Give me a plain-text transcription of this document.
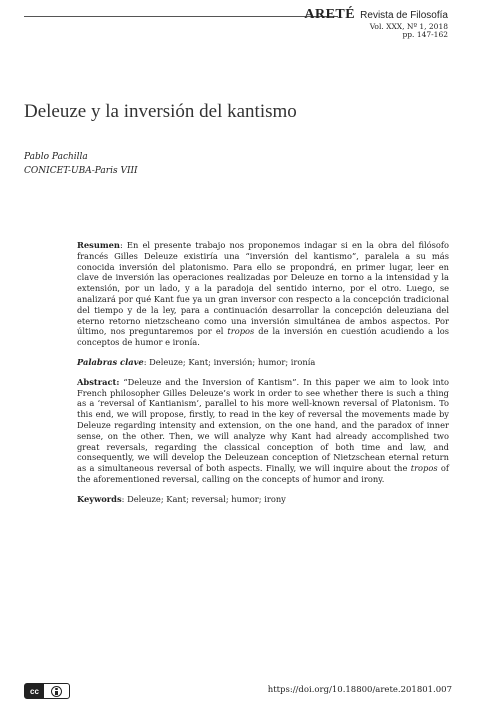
ARETÉ Revista de Filosofía
Vol. XXX, Nº 1, 2018
pp. 147-162
Deleuze y la inversión del kantismo
Pablo Pachilla
CONICET-UBA-Paris VIII

Resumen: En el presente trabajo nos proponemos indagar si en la obra del filósofo francés Gilles Deleuze existiría una “inversión del kantismo”, paralela a su más conocida inversión del platonismo. Para ello se propondrá, en primer lugar, leer en clave de inversión las operaciones realizadas por Deleuze en torno a la intensidad y la extensión, por un lado, y a la paradoja del sentido interno, por el otro. Luego, se analizará por qué Kant fue ya un gran inversor con respecto a la concepción tradicional del tiempo y de la ley, para a continuación desarrollar la concepción deleuziana del eterno retorno nietzscheano como una inversión simultánea de ambos aspectos. Por último, nos preguntaremos por el tropos de la inversión en cuestión acudiendo a los conceptos de humor e ironía.

Palabras clave: Deleuze; Kant; inversión; humor; ironía

Abstract: “Deleuze and the Inversion of Kantism”. In this paper we aim to look into French philosopher Gilles Deleuze’s work in order to see whether there is such a thing as a ‘reversal of Kantianism’, parallel to his more well-known reversal of Platonism. To this end, we will propose, firstly, to read in the key of reversal the movements made by Deleuze regarding intensity and extension, on the one hand, and the paradox of inner sense, on the other. Then, we will analyze why Kant had already accomplished two great reversals, regarding the classical conception of both time and law, and consequently, we will develop the Deleuzean conception of Nietzschean eternal return as a simultaneous reversal of both aspects. Finally, we will inquire about the tropos of the aforementioned reversal, calling on the concepts of humor and irony.

Keywords: Deleuze; Kant; reversal; humor; irony

cc	https://doi.org/10.18800/arete.201801.007
